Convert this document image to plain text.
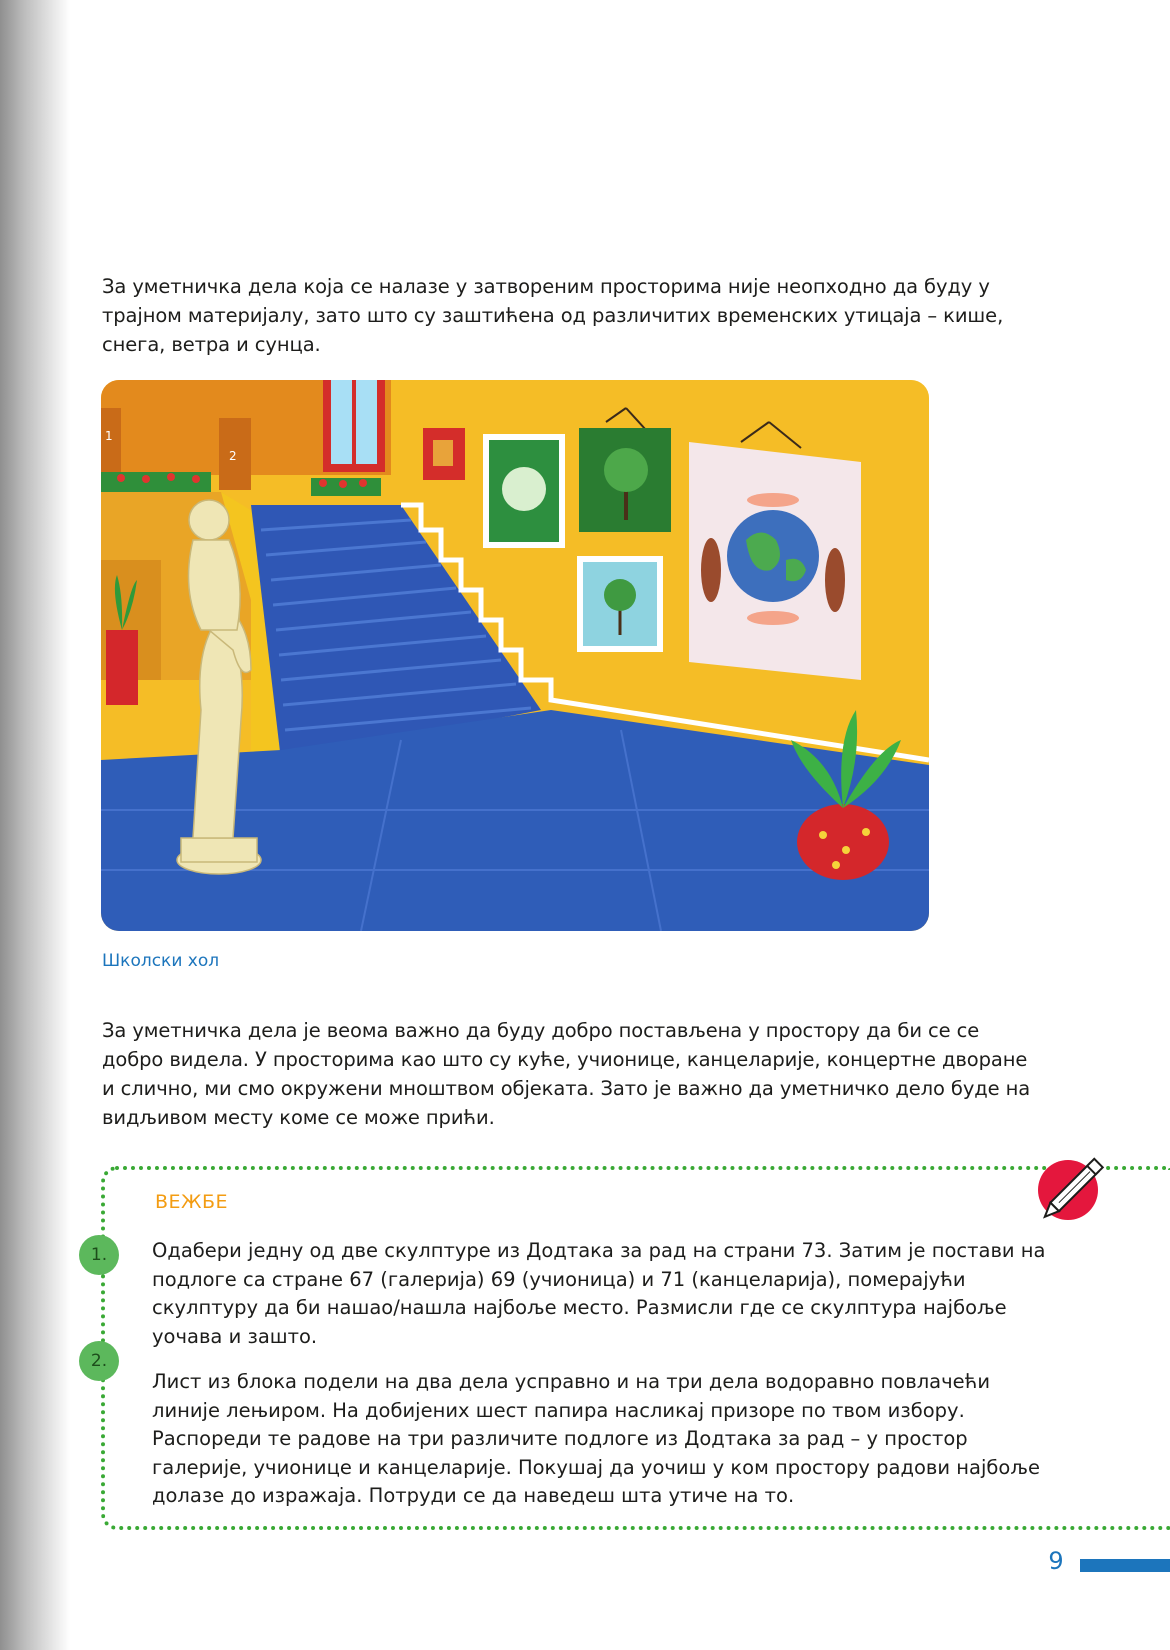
За уметничка дела која се налазе у затвореним просторима није неопходно да буду у трајном материјалу, зато што су заштићена од различитих временских утицаја – кише, снега, ветра и сунца.

1
2
Школски хол

За уметничка дела је веома важно да буду добро постављена у простору да би се се добро видела. У просторима као што су куће, учионице, канцеларије, концертне дворане и слично, ми смо окружени мноштвом објеката. Зато је важно да уметничко дело буде на видљивом месту коме се може прићи.

ВЕЖБЕ
1.	Одабери једну од две скулптуре из Додтака за рад на страни 73. Затим је постави на подлоге са стране 67 (галерија) 69 (учионица) и 71 (канцеларија), померајући скулптуру да би нашао/нашла најбоље место. Размисли где се скулптура најбоље уочава и зашто.

2.

Лист из блока подели на два дела усправно и на три дела водоравно повлачећи линије лењиром. На добијених шест папира насликај призоре по твом избору. Распореди те радове на три различите подлоге из Додтака за рад – у простор галерије, учионице и канцеларије. Покушај да уочиш у ком простору радови најбоље долазе до изражаја. Потруди се да наведеш шта утиче на то.

9
